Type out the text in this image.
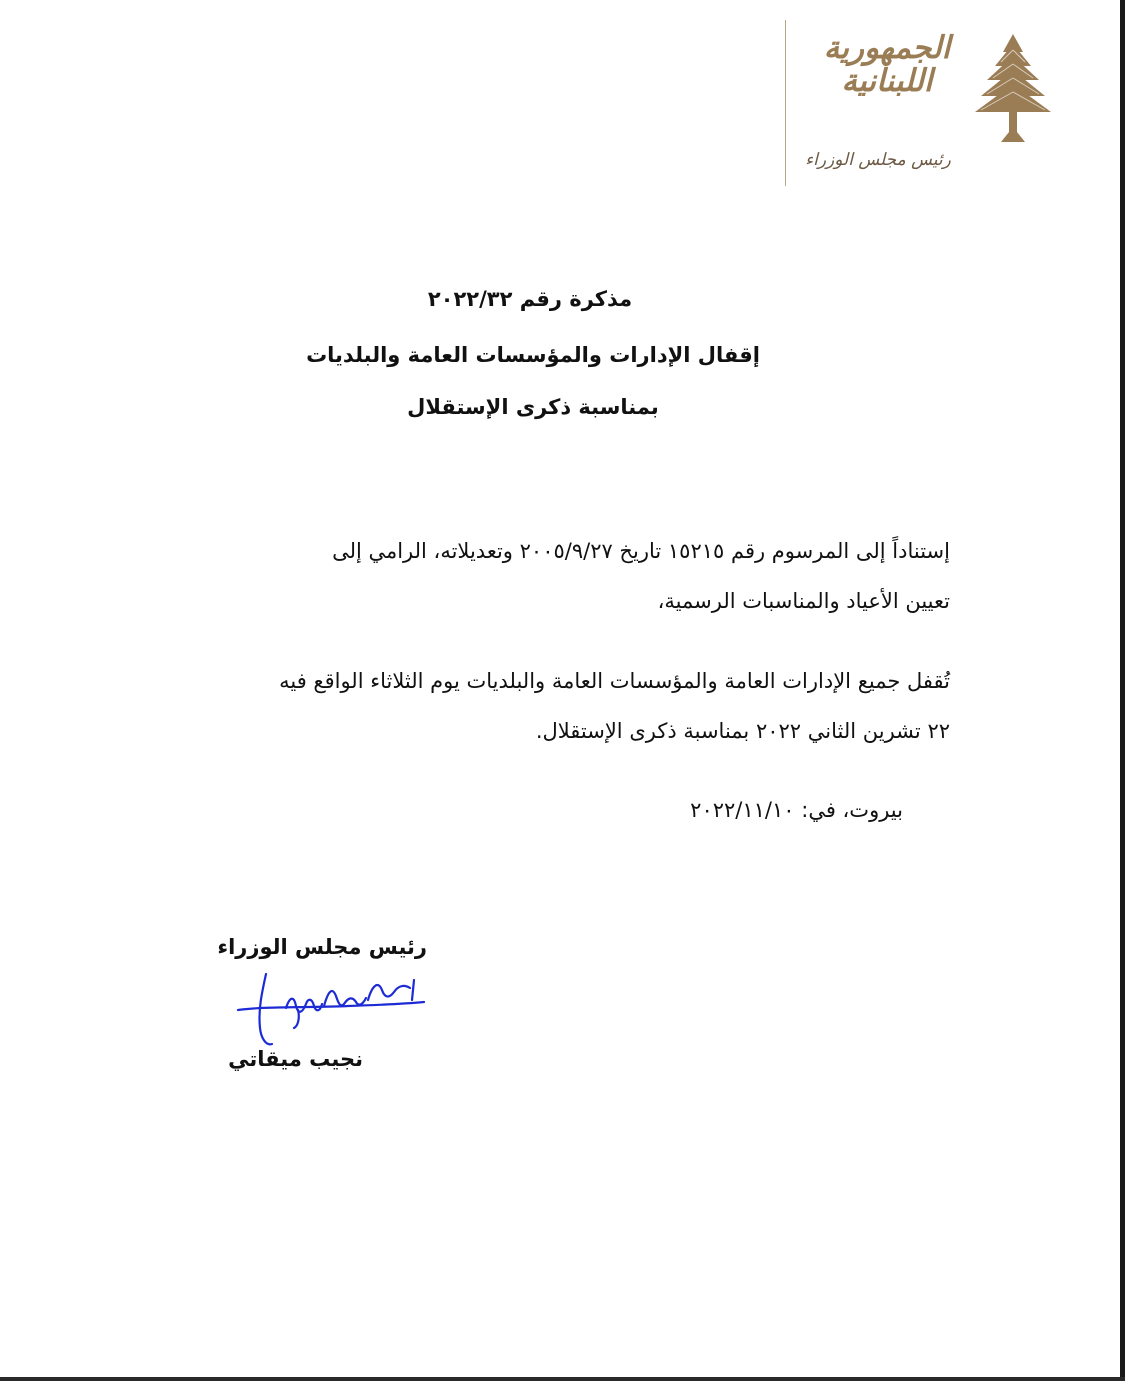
الجمهورية
اللبنانية
رئيس مجلس الوزراء
مذكرة رقم ٢٠٢٢/٣٢
إقفال الإدارات والمؤسسات العامة والبلديات
بمناسبة ذكرى الإستقلال
إستناداً إلى المرسوم رقم ١٥٢١٥ تاريخ ٢٠٠٥/٩/٢٧ وتعديلاته، الرامي إلى
تعيين الأعياد والمناسبات الرسمية،
تُقفل جميع الإدارات العامة والمؤسسات العامة والبلديات يوم الثلاثاء الواقع فيه
٢٢ تشرين الثاني ٢٠٢٢ بمناسبة ذكرى الإستقلال.
بيروت، في: ٢٠٢٢/١١/١٠
رئيس مجلس الوزراء
نجيب ميقاتي
